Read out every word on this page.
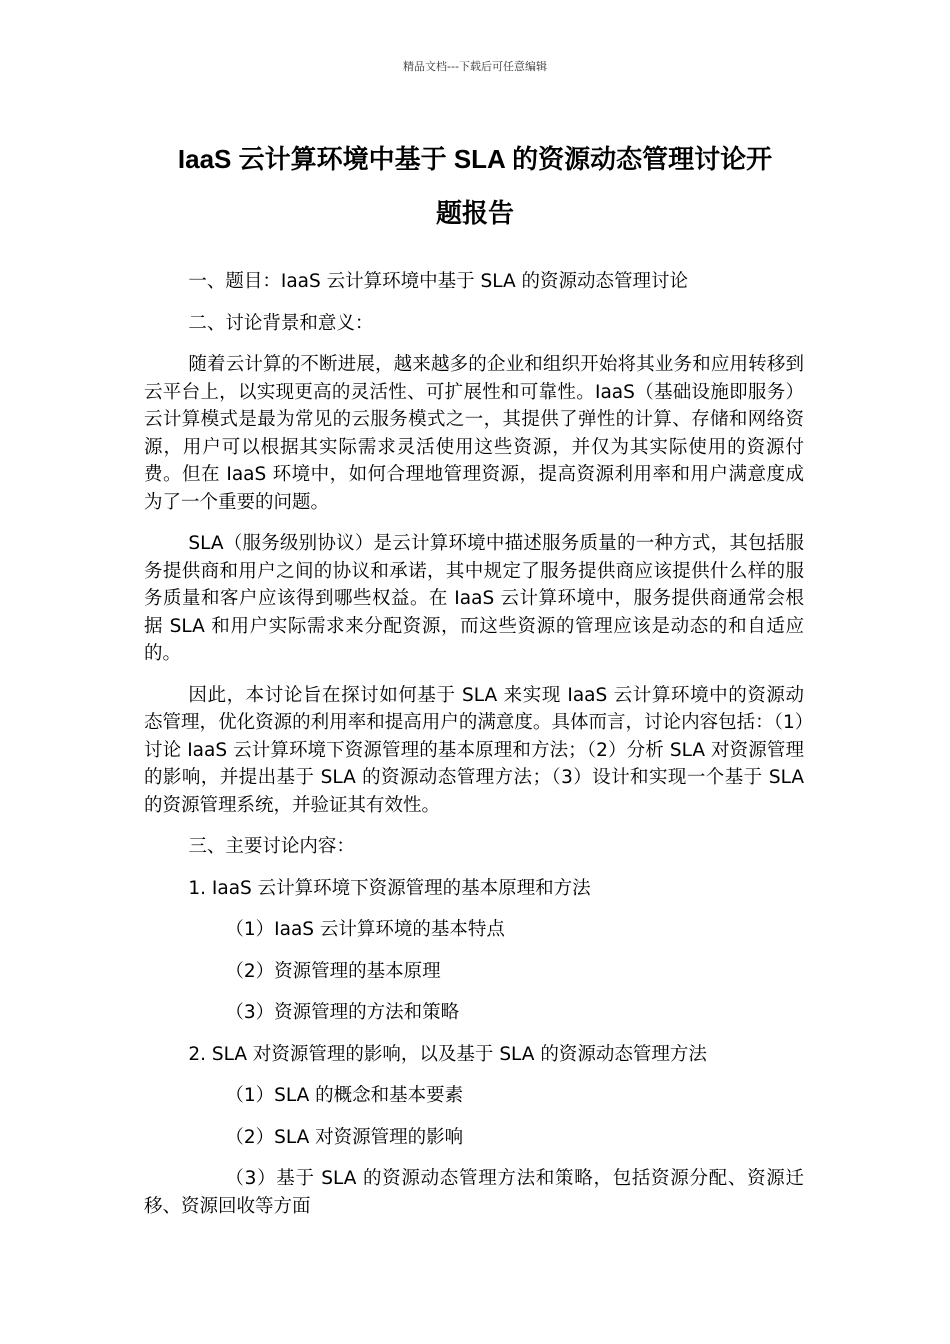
精品文档---下载后可任意编辑
IaaS 云计算环境中基于 SLA 的资源动态管理讨论开
题报告
一、题目：IaaS 云计算环境中基于 SLA 的资源动态管理讨论
二、讨论背景和意义：
随着云计算的不断进展，越来越多的企业和组织开始将其业务和应用转移到云平台上，以实现更高的灵活性、可扩展性和可靠性。IaaS（基础设施即服务）云计算模式是最为常见的云服务模式之一，其提供了弹性的计算、存储和网络资源，用户可以根据其实际需求灵活使用这些资源，并仅为其实际使用的资源付费。但在 IaaS 环境中，如何合理地管理资源，提高资源利用率和用户满意度成为了一个重要的问题。
SLA（服务级别协议）是云计算环境中描述服务质量的一种方式，其包括服务提供商和用户之间的协议和承诺，其中规定了服务提供商应该提供什么样的服务质量和客户应该得到哪些权益。在 IaaS 云计算环境中，服务提供商通常会根据 SLA 和用户实际需求来分配资源，而这些资源的管理应该是动态的和自适应的。
因此，本讨论旨在探讨如何基于 SLA 来实现 IaaS 云计算环境中的资源动态管理，优化资源的利用率和提高用户的满意度。具体而言，讨论内容包括：（1）讨论 IaaS 云计算环境下资源管理的基本原理和方法；（2）分析 SLA 对资源管理的影响，并提出基于 SLA 的资源动态管理方法；（3）设计和实现一个基于 SLA 的资源管理系统，并验证其有效性。
三、主要讨论内容：
1. IaaS 云计算环境下资源管理的基本原理和方法
（1）IaaS 云计算环境的基本特点
（2）资源管理的基本原理
（3）资源管理的方法和策略
2. SLA 对资源管理的影响，以及基于 SLA 的资源动态管理方法
（1）SLA 的概念和基本要素
（2）SLA 对资源管理的影响
（3）基于 SLA 的资源动态管理方法和策略，包括资源分配、资源迁移、资源回收等方面
